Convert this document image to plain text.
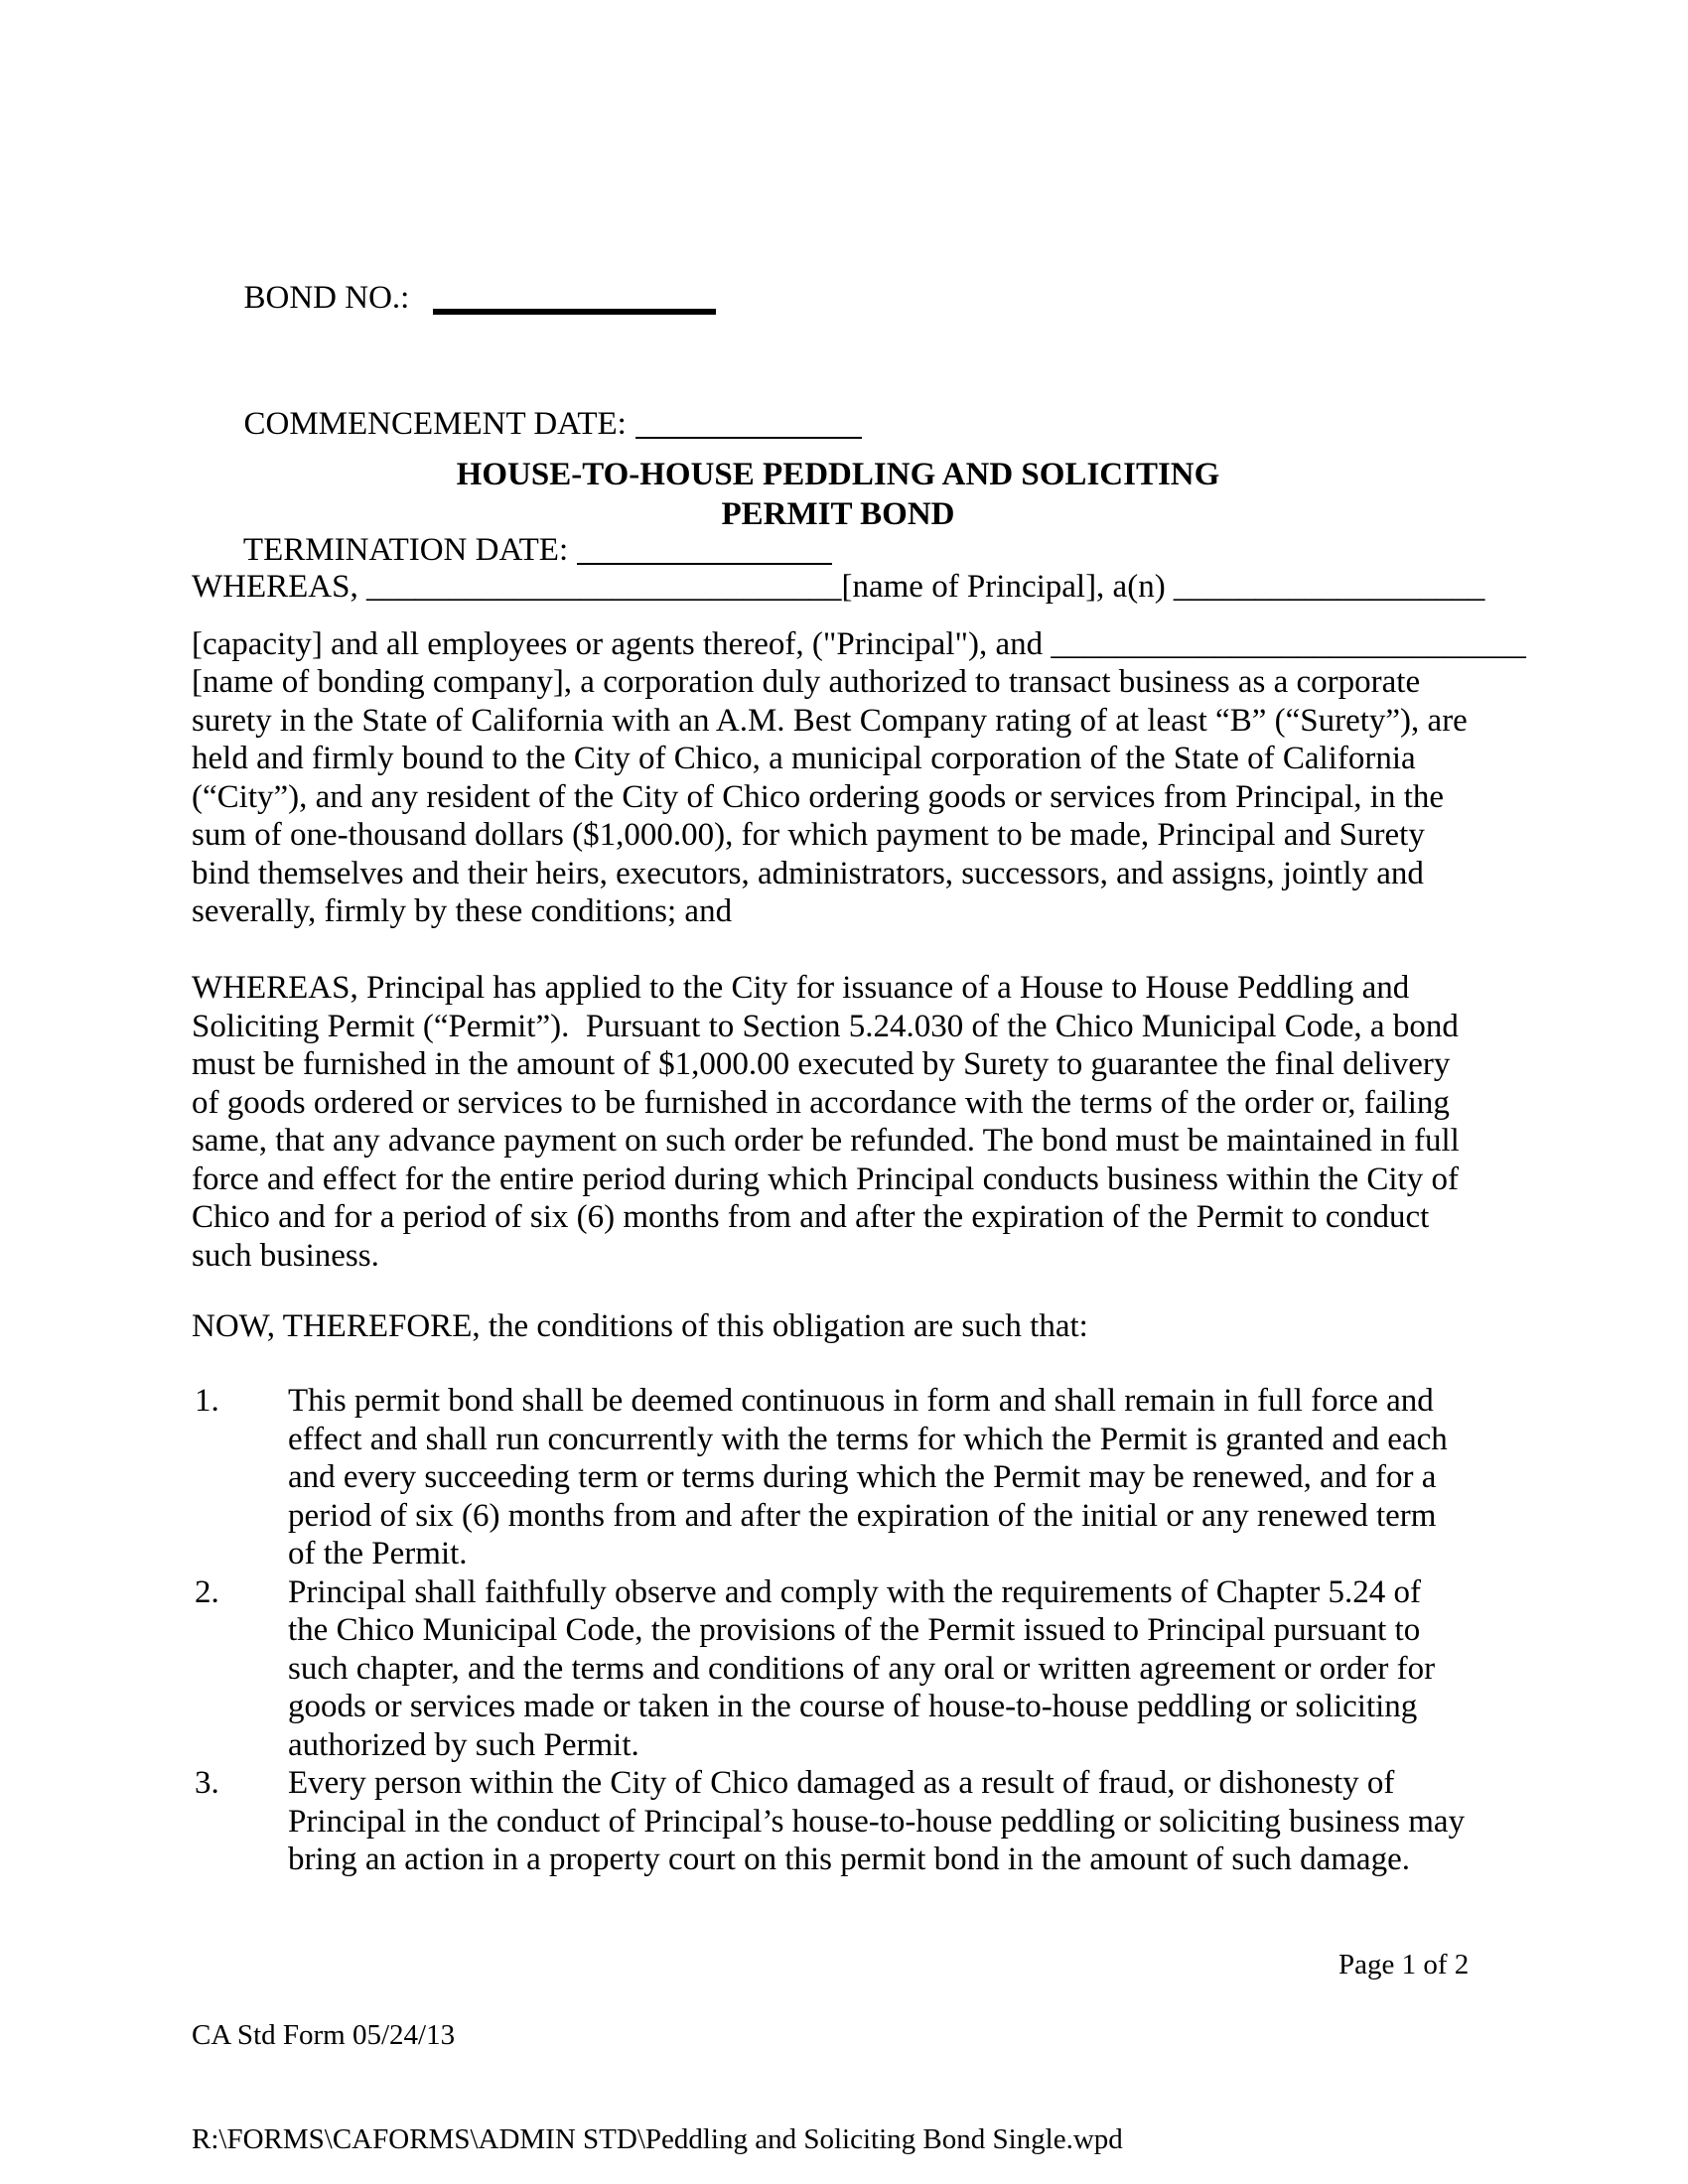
BOND NO.:

COMMENCEMENT DATE:

TERMINATION DATE:

HOUSE-TO-HOUSE PEDDLING AND SOLICITING
PERMIT BOND
WHEREAS, _____________________________[name of Principal], a(n) ___________________
[capacity] and all employees or agents thereof, ("Principal"), and _____________________________
[name of bonding company], a corporation duly authorized to transact business as a corporate
surety in the State of California with an A.M. Best Company rating of at least “B” (“Surety”), are
held and firmly bound to the City of Chico, a municipal corporation of the State of California
(“City”), and any resident of the City of Chico ordering goods or services from Principal, in the
sum of one-thousand dollars ($1,000.00), for which payment to be made, Principal and Surety
bind themselves and their heirs, executors, administrators, successors, and assigns, jointly and
severally, firmly by these conditions; and
WHEREAS, Principal has applied to the City for issuance of a House to House Peddling and
Soliciting Permit (“Permit”).  Pursuant to Section 5.24.030 of the Chico Municipal Code, a bond
must be furnished in the amount of $1,000.00 executed by Surety to guarantee the final delivery
of goods ordered or services to be furnished in accordance with the terms of the order or, failing
same, that any advance payment on such order be refunded. The bond must be maintained in full
force and effect for the entire period during which Principal conducts business within the City of
Chico and for a period of six (6) months from and after the expiration of the Permit to conduct
such business.
NOW, THEREFORE, the conditions of this obligation are such that:
1.	This permit bond shall be deemed continuous in form and shall remain in full force and
effect and shall run concurrently with the terms for which the Permit is granted and each
and every succeeding term or terms during which the Permit may be renewed, and for a
period of six (6) months from and after the expiration of the initial or any renewed term
of the Permit.
2.	Principal shall faithfully observe and comply with the requirements of Chapter 5.24 of
the Chico Municipal Code, the provisions of the Permit issued to Principal pursuant to
such chapter, and the terms and conditions of any oral or written agreement or order for
goods or services made or taken in the course of house-to-house peddling or soliciting
authorized by such Permit.
3.	Every person within the City of Chico damaged as a result of fraud, or dishonesty of
Principal in the conduct of Principal’s house-to-house peddling or soliciting business may
bring an action in a property court on this permit bond in the amount of such damage.

CA Std Form 05/24/13

R:\FORMS\CAFORMS\ADMIN STD\Peddling and Soliciting Bond Single.wpd

Page 1 of 2
